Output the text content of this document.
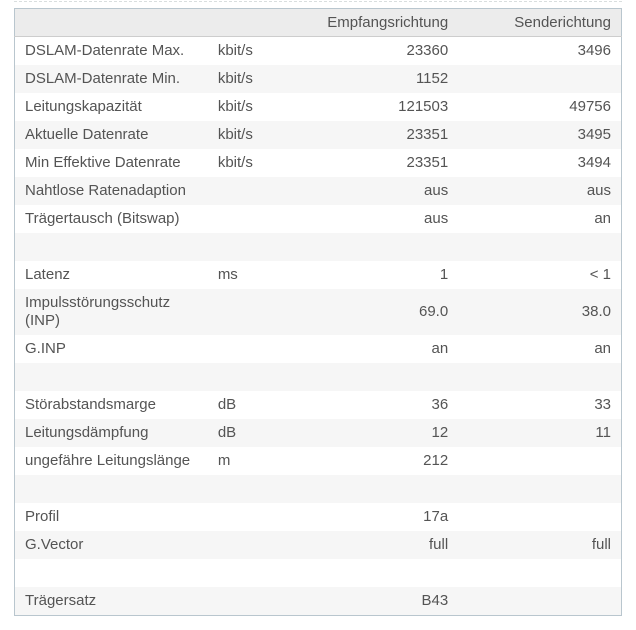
		Empfangsrichtung	Senderichtung
DSLAM-Datenrate Max.	kbit/s	23360	3496
DSLAM-Datenrate Min.	kbit/s	1152	
Leitungskapazität	kbit/s	121503	49756
Aktuelle Datenrate	kbit/s	23351	3495
Min Effektive Datenrate	kbit/s	23351	3494
Nahtlose Ratenadaption		aus	aus
Trägertausch (Bitswap)		aus	an

Latenz	ms	1	< 1
Impulsstörungsschutz (INP)		69.0	38.0
G.INP		an	an

Störabstandsmarge	dB	36	33
Leitungsdämpfung	dB	12	11
ungefähre Leitungslänge	m	212	

Profil		17a	
G.Vector		full	full

Trägersatz		B43	
